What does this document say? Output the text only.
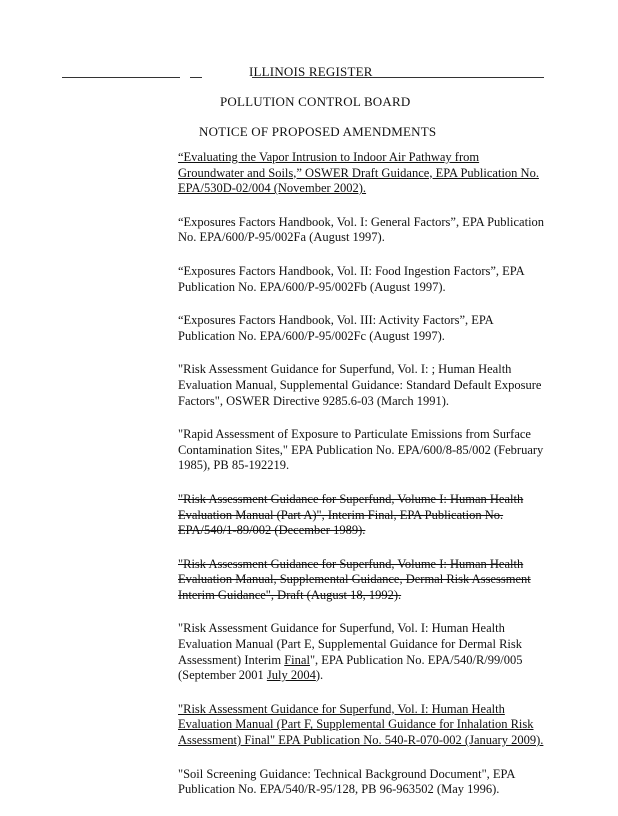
ILLINOIS REGISTER
POLLUTION CONTROL BOARD
NOTICE OF PROPOSED AMENDMENTS
“Evaluating the Vapor Intrusion to Indoor Air Pathway from Groundwater and Soils,” OSWER Draft Guidance, EPA Publication No. EPA/530D-02/004 (November 2002).
“Exposures Factors Handbook, Vol. I: General Factors”, EPA Publication No. EPA/600/P-95/002Fa (August 1997).
“Exposures Factors Handbook, Vol. II: Food Ingestion Factors”, EPA Publication No. EPA/600/P-95/002Fb (August 1997).
“Exposures Factors Handbook, Vol. III: Activity Factors”, EPA Publication No. EPA/600/P-95/002Fc (August 1997).
"Risk Assessment Guidance for Superfund, Vol. I: ; Human Health Evaluation Manual, Supplemental Guidance: Standard Default Exposure Factors", OSWER Directive 9285.6-03 (March 1991).
"Rapid Assessment of Exposure to Particulate Emissions from Surface Contamination Sites," EPA Publication No. EPA/600/8-85/002 (February 1985), PB 85-192219.
"Risk Assessment Guidance for Superfund, Volume I: Human Health Evaluation Manual (Part A)", Interim Final, EPA Publication No. EPA/540/1-89/002 (December 1989).
"Risk Assessment Guidance for Superfund, Volume I: Human Health Evaluation Manual, Supplemental Guidance, Dermal Risk Assessment Interim Guidance", Draft (August 18, 1992).
"Risk Assessment Guidance for Superfund, Vol. I: Human Health Evaluation Manual (Part E, Supplemental Guidance for Dermal Risk Assessment) Interim Final", EPA Publication No. EPA/540/R/99/005 (September 2001 July 2004).
"Risk Assessment Guidance for Superfund, Vol. I: Human Health Evaluation Manual (Part F, Supplemental Guidance for Inhalation Risk Assessment) Final" EPA Publication No. 540-R-070-002 (January 2009).
"Soil Screening Guidance: Technical Background Document", EPA Publication No. EPA/540/R-95/128, PB 96-963502 (May 1996).
